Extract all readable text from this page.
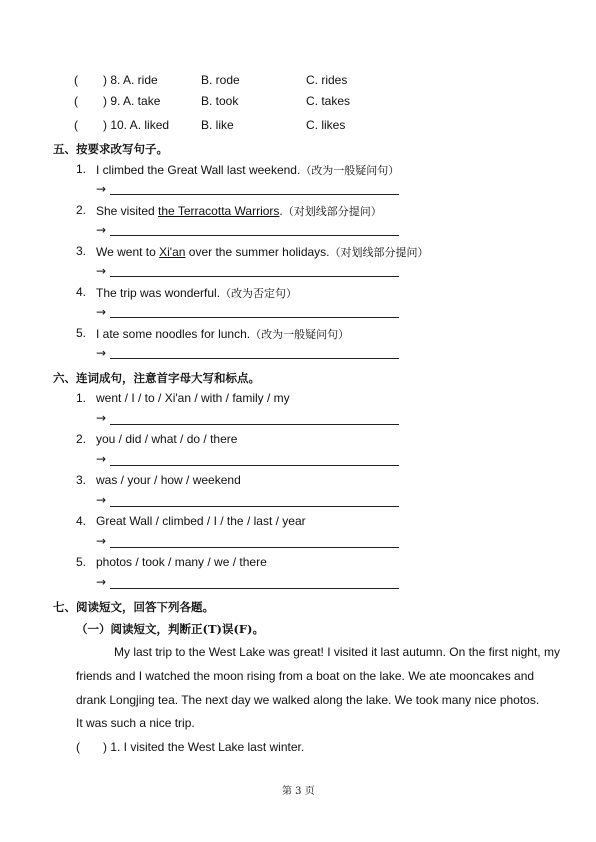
( ) 8. A. ride	B. rode	C. rides
( ) 9. A. take	B. took	C. takes
( ) 10. A. liked	B. like	C. likes
五、按要求改写句子。
1. I climbed the Great Wall last weekend.（改为一般疑问句）
→
2. She visited the Terracotta Warriors.（对划线部分提问）
→
3. We went to Xi'an over the summer holidays.（对划线部分提问）
→
4. The trip was wonderful.（改为否定句）
→
5. I ate some noodles for lunch.（改为一般疑问句）
→
六、连词成句，注意首字母大写和标点。
1. went / I / to / Xi'an / with / family / my
→
2. you / did / what / do / there
→
3. was / your / how / weekend
→
4. Great Wall / climbed / I / the / last / year
→
5. photos / took / many / we / there
→
七、阅读短文，回答下列各题。
（一）阅读短文，判断正(T)误(F)。
My last trip to the West Lake was great! I visited it last autumn. On the first night, my
friends and I watched the moon rising from a boat on the lake. We ate mooncakes and
drank Longjing tea. The next day we walked along the lake. We took many nice photos.
It was such a nice trip.
( ) 1. I visited the West Lake last winter.
第 3 页
